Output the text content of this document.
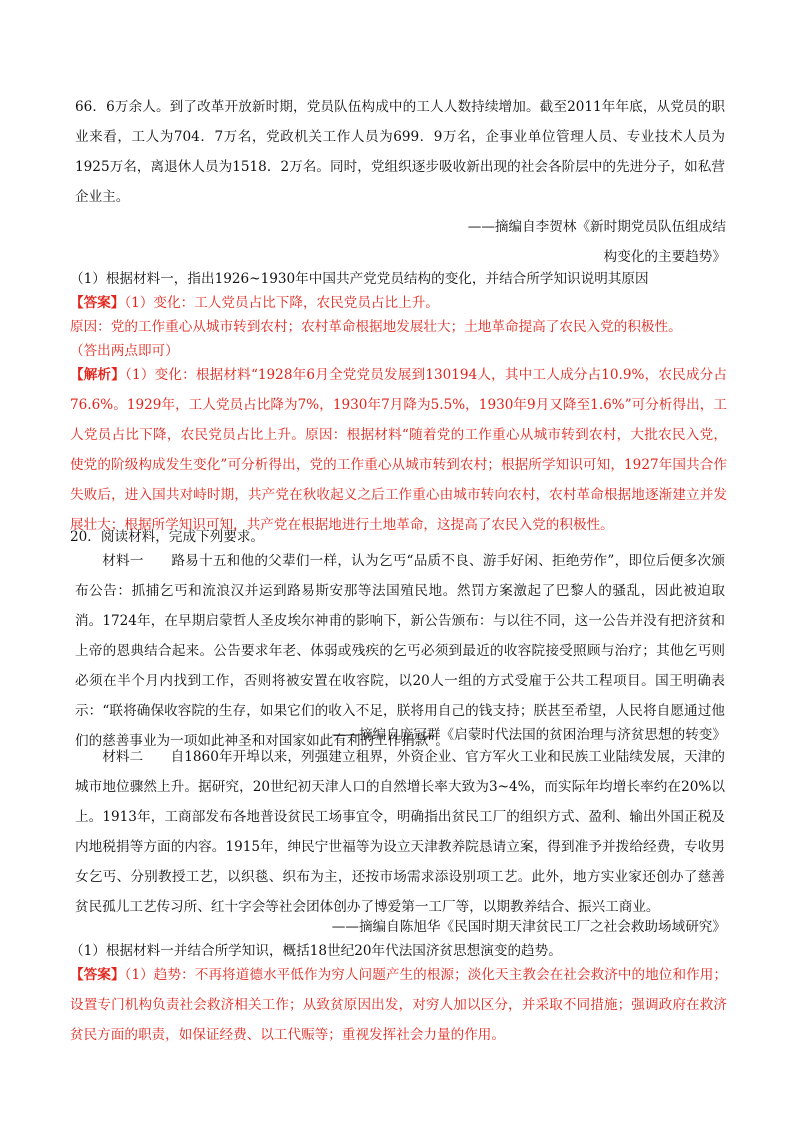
66．6万余人。到了改革开放新时期，党员队伍构成中的工人人数持续增加。截至2011年年底，从党员的职业来看，工人为704．7万名，党政机关工作人员为699．9万名，企事业单位管理人员、专业技术人员为1925万名，离退休人员为1518．2万名。同时，党组织逐步吸收新出现的社会各阶层中的先进分子，如私营企业主。
——摘编自李贺林《新时期党员队伍组成结
构变化的主要趋势》
（1）根据材料一，指出1926~1930年中国共产党党员结构的变化，并结合所学知识说明其原因
【答案】（1）变化：工人党员占比下降，农民党员占比上升。
原因：党的工作重心从城市转到农村；农村革命根据地发展壮大；土地革命提高了农民入党的积极性。
（答出两点即可）
【解析】（1）变化：根据材料“1928年6月全党党员发展到130194人，其中工人成分占10.9%，农民成分占76.6%。1929年，工人党员占比降为7%，1930年7月降为5.5%，1930年9月又降至1.6%”可分析得出，工人党员占比下降，农民党员占比上升。原因：根据材料“随着党的工作重心从城市转到农村，大批农民入党，使党的阶级构成发生变化”可分析得出，党的工作重心从城市转到农村；根据所学知识可知，1927年国共合作失败后，进入国共对峙时期，共产党在秋收起义之后工作重心由城市转向农村，农村革命根据地逐渐建立并发展壮大；根据所学知识可知，共产党在根据地进行土地革命，这提高了农民入党的积极性。
20．阅读材料，完成下列要求。
材料一　　路易十五和他的父辈们一样，认为乞丐“品质不良、游手好闲、拒绝劳作”，即位后便多次颁布公告：抓捕乞丐和流浪汉并运到路易斯安那等法国殖民地。然罚方案激起了巴黎人的骚乱，因此被迫取消。1724年，在早期启蒙哲人圣皮埃尔神甫的影响下，新公告颁布：与以往不同，这一公告并没有把济贫和上帝的恩典结合起来。公告要求年老、体弱或残疾的乞丐必须到最近的收容院接受照顾与治疗；其他乞丐则必须在半个月内找到工作，否则将被安置在收容院，以20人一组的方式受雇于公共工程项目。国王明确表示：“联将确保收容院的生存，如果它们的收入不足，朕将用自己的钱支持；朕甚至希望，人民将自愿通过他们的慈善事业为一项如此神圣和对国家如此有利的工作捐款”。
——摘编自庞冠群《启蒙时代法国的贫困治理与济贫思想的转变》
材料二　　自1860年开埠以来，列强建立租界，外资企业、官方军火工业和民族工业陆续发展，天津的城市地位骤然上升。据研究，20世纪初天津人口的自然增长率大致为3~4%，而实际年均增长率约在20%以上。1913年，工商部发布各地普设贫民工场事宜令，明确指出贫民工厂的组织方式、盈利、输出外国正税及内地税捐等方面的内容。1915年，绅民宁世福等为设立天津教养院恳请立案，得到准予并拨给经费，专收男女乞丐、分别教授工艺，以织毯、织布为主，还按市场需求添设别项工艺。此外，地方实业家还创办了慈善贫民孤儿工艺传习所、红十字会等社会团体创办了博爱第一工厂等，以期教养结合、振兴工商业。
——摘编自陈旭华《民国时期天津贫民工厂之社会救助场域研究》
（1）根据材料一并结合所学知识，概括18世纪20年代法国济贫思想演变的趋势。
【答案】（1）趋势：不再将道德水平低作为穷人问题产生的根源；淡化天主教会在社会救济中的地位和作用；设置专门机构负责社会救济相关工作；从致贫原因出发，对穷人加以区分，并采取不同措施；强调政府在救济贫民方面的职责，如保证经费、以工代赈等；重视发挥社会力量的作用。
